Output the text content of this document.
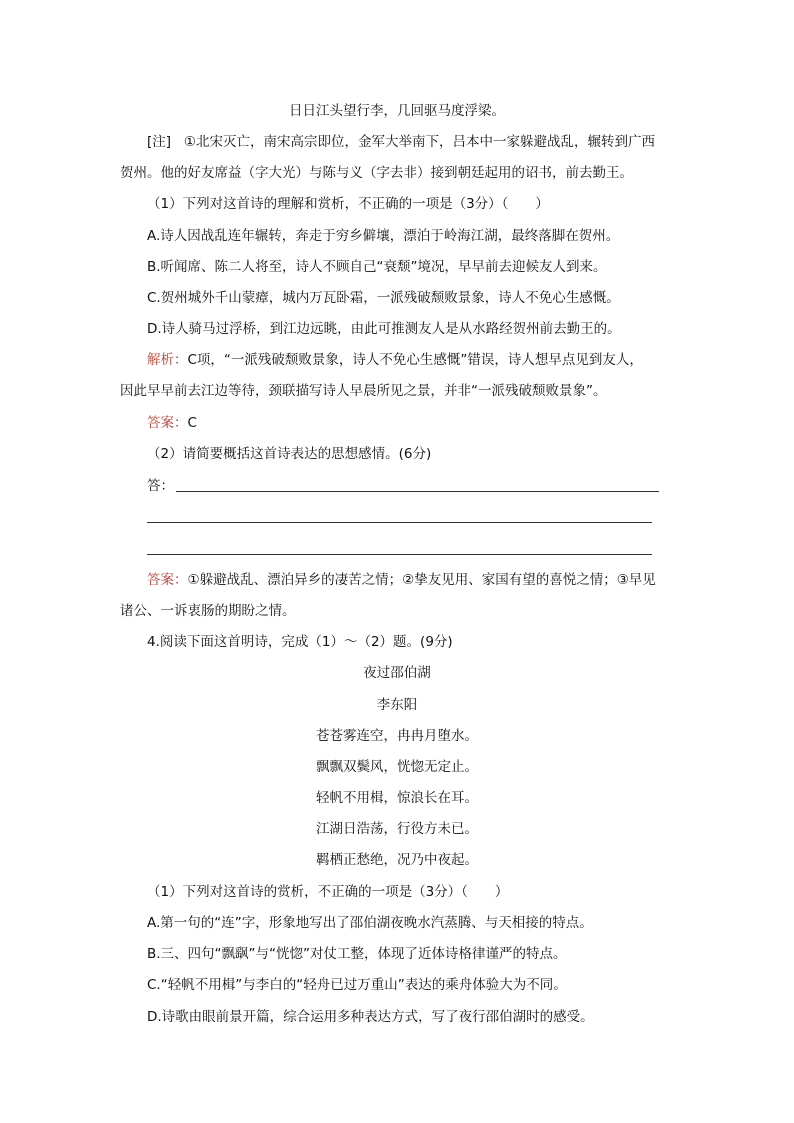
日日江头望行李，几回驱马度浮梁。
[注] ①北宋灭亡，南宋高宗即位，金军大举南下，吕本中一家躲避战乱，辗转到广西
贺州。他的好友席益（字大光）与陈与义（字去非）接到朝廷起用的诏书，前去勤王。
（1）下列对这首诗的理解和赏析，不正确的一项是（3分）（　　）
A.诗人因战乱连年辗转，奔走于穷乡僻壤，漂泊于岭海江湖，最终落脚在贺州。
B.听闻席、陈二人将至，诗人不顾自己“衰颓”境况，早早前去迎候友人到来。
C.贺州城外千山蒙瘴，城内万瓦卧霜，一派残破颓败景象，诗人不免心生感慨。
D.诗人骑马过浮桥，到江边远眺，由此可推测友人是从水路经贺州前去勤王的。
解析：C项，“一派残破颓败景象，诗人不免心生感慨”错误，诗人想早点见到友人，
因此早早前去江边等待，颈联描写诗人早晨所见之景，并非“一派残破颓败景象”。
答案：C
（2）请简要概括这首诗表达的思想感情。(6分)
答：
答案：①躲避战乱、漂泊异乡的凄苦之情；②挚友见用、家国有望的喜悦之情；③早见
诸公、一诉衷肠的期盼之情。
4.阅读下面这首明诗，完成（1）～（2）题。(9分)
夜过邵伯湖
李东阳
苍苍雾连空，冉冉月堕水。
飘飘双鬓风，恍惚无定止。
轻帆不用楫，惊浪长在耳。
江湖日浩荡，行役方未已。
羁栖正愁绝，况乃中夜起。
（1）下列对这首诗的赏析，不正确的一项是（3分）（　　）
A.第一句的“连”字，形象地写出了邵伯湖夜晚水汽蒸腾、与天相接的特点。
B.三、四句“飘飖”与“恍惚”对仗工整，体现了近体诗格律谨严的特点。
C.“轻帆不用楫”与李白的“轻舟已过万重山”表达的乘舟体验大为不同。
D.诗歌由眼前景开篇，综合运用多种表达方式，写了夜行邵伯湖时的感受。
